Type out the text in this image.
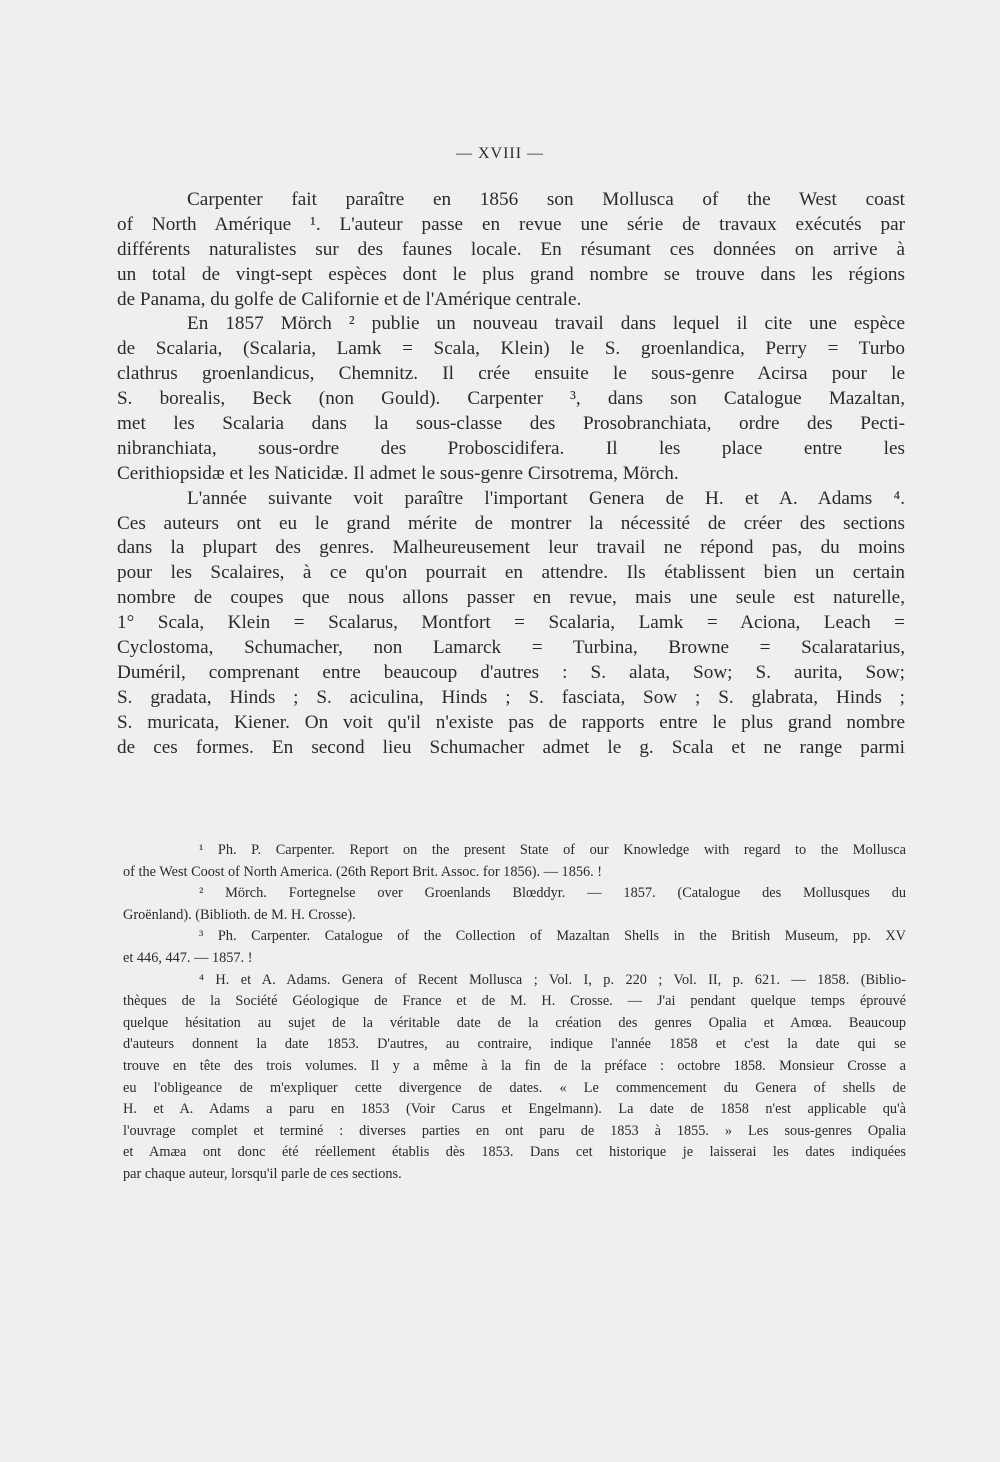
— XVIII —
Carpenter fait paraître en 1856 son Mollusca of the West coast
of North Amérique ¹. L'auteur passe en revue une série de travaux exécutés par
différents naturalistes sur des faunes locale. En résumant ces données on arrive à
un total de vingt-sept espèces dont le plus grand nombre se trouve dans les régions
de Panama, du golfe de Californie et de l'Amérique centrale.
En 1857 Mörch ² publie un nouveau travail dans lequel il cite une espèce
de Scalaria, (Scalaria, Lamk = Scala, Klein) le S. groenlandica, Perry = Turbo
clathrus groenlandicus, Chemnitz. Il crée ensuite le sous-genre Acirsa pour le
S. borealis, Beck (non Gould). Carpenter ³, dans son Catalogue Mazaltan,
met les Scalaria dans la sous-classe des Prosobranchiata, ordre des Pecti-
nibranchiata, sous-ordre des Proboscidifera. Il les place entre les
Cerithiopsidæ et les Naticidæ. Il admet le sous-genre Cirsotrema, Mörch.
L'année suivante voit paraître l'important Genera de H. et A. Adams ⁴.
Ces auteurs ont eu le grand mérite de montrer la nécessité de créer des sections
dans la plupart des genres. Malheureusement leur travail ne répond pas, du moins
pour les Scalaires, à ce qu'on pourrait en attendre. Ils établissent bien un certain
nombre de coupes que nous allons passer en revue, mais une seule est naturelle,
1° Scala, Klein = Scalarus, Montfort = Scalaria, Lamk = Aciona, Leach =
Cyclostoma, Schumacher, non Lamarck = Turbina, Browne = Scalaratarius,
Duméril, comprenant entre beaucoup d'autres : S. alata, Sow; S. aurita, Sow;
S. gradata, Hinds ; S. aciculina, Hinds ; S. fasciata, Sow ; S. glabrata, Hinds ;
S. muricata, Kiener. On voit qu'il n'existe pas de rapports entre le plus grand nombre
de ces formes. En second lieu Schumacher admet le g. Scala et ne range parmi
¹ Ph. P. Carpenter. Report on the present State of our Knowledge with regard to the Mollusca
of the West Coost of North America. (26th Report Brit. Assoc. for 1856). — 1856. !
² Mörch. Fortegnelse over Groenlands Blœddyr. — 1857. (Catalogue des Mollusques du
Groënland). (Biblioth. de M. H. Crosse).
³ Ph. Carpenter. Catalogue of the Collection of Mazaltan Shells in the British Museum, pp. XV
et 446, 447. — 1857. !
⁴ H. et A. Adams. Genera of Recent Mollusca ; Vol. I, p. 220 ; Vol. II, p. 621. — 1858. (Biblio-
thèques de la Société Géologique de France et de M. H. Crosse. — J'ai pendant quelque temps éprouvé
quelque hésitation au sujet de la véritable date de la création des genres Opalia et Amœa. Beaucoup
d'auteurs donnent la date 1853. D'autres, au contraire, indique l'année 1858 et c'est la date qui se
trouve en tête des trois volumes. Il y a même à la fin de la préface : octobre 1858. Monsieur Crosse a
eu l'obligeance de m'expliquer cette divergence de dates. « Le commencement du Genera of shells de
H. et A. Adams a paru en 1853 (Voir Carus et Engelmann). La date de 1858 n'est applicable qu'à
l'ouvrage complet et terminé : diverses parties en ont paru de 1853 à 1855. » Les sous-genres Opalia
et Amæa ont donc été réellement établis dès 1853. Dans cet historique je laisserai les dates indiquées
par chaque auteur, lorsqu'il parle de ces sections.
